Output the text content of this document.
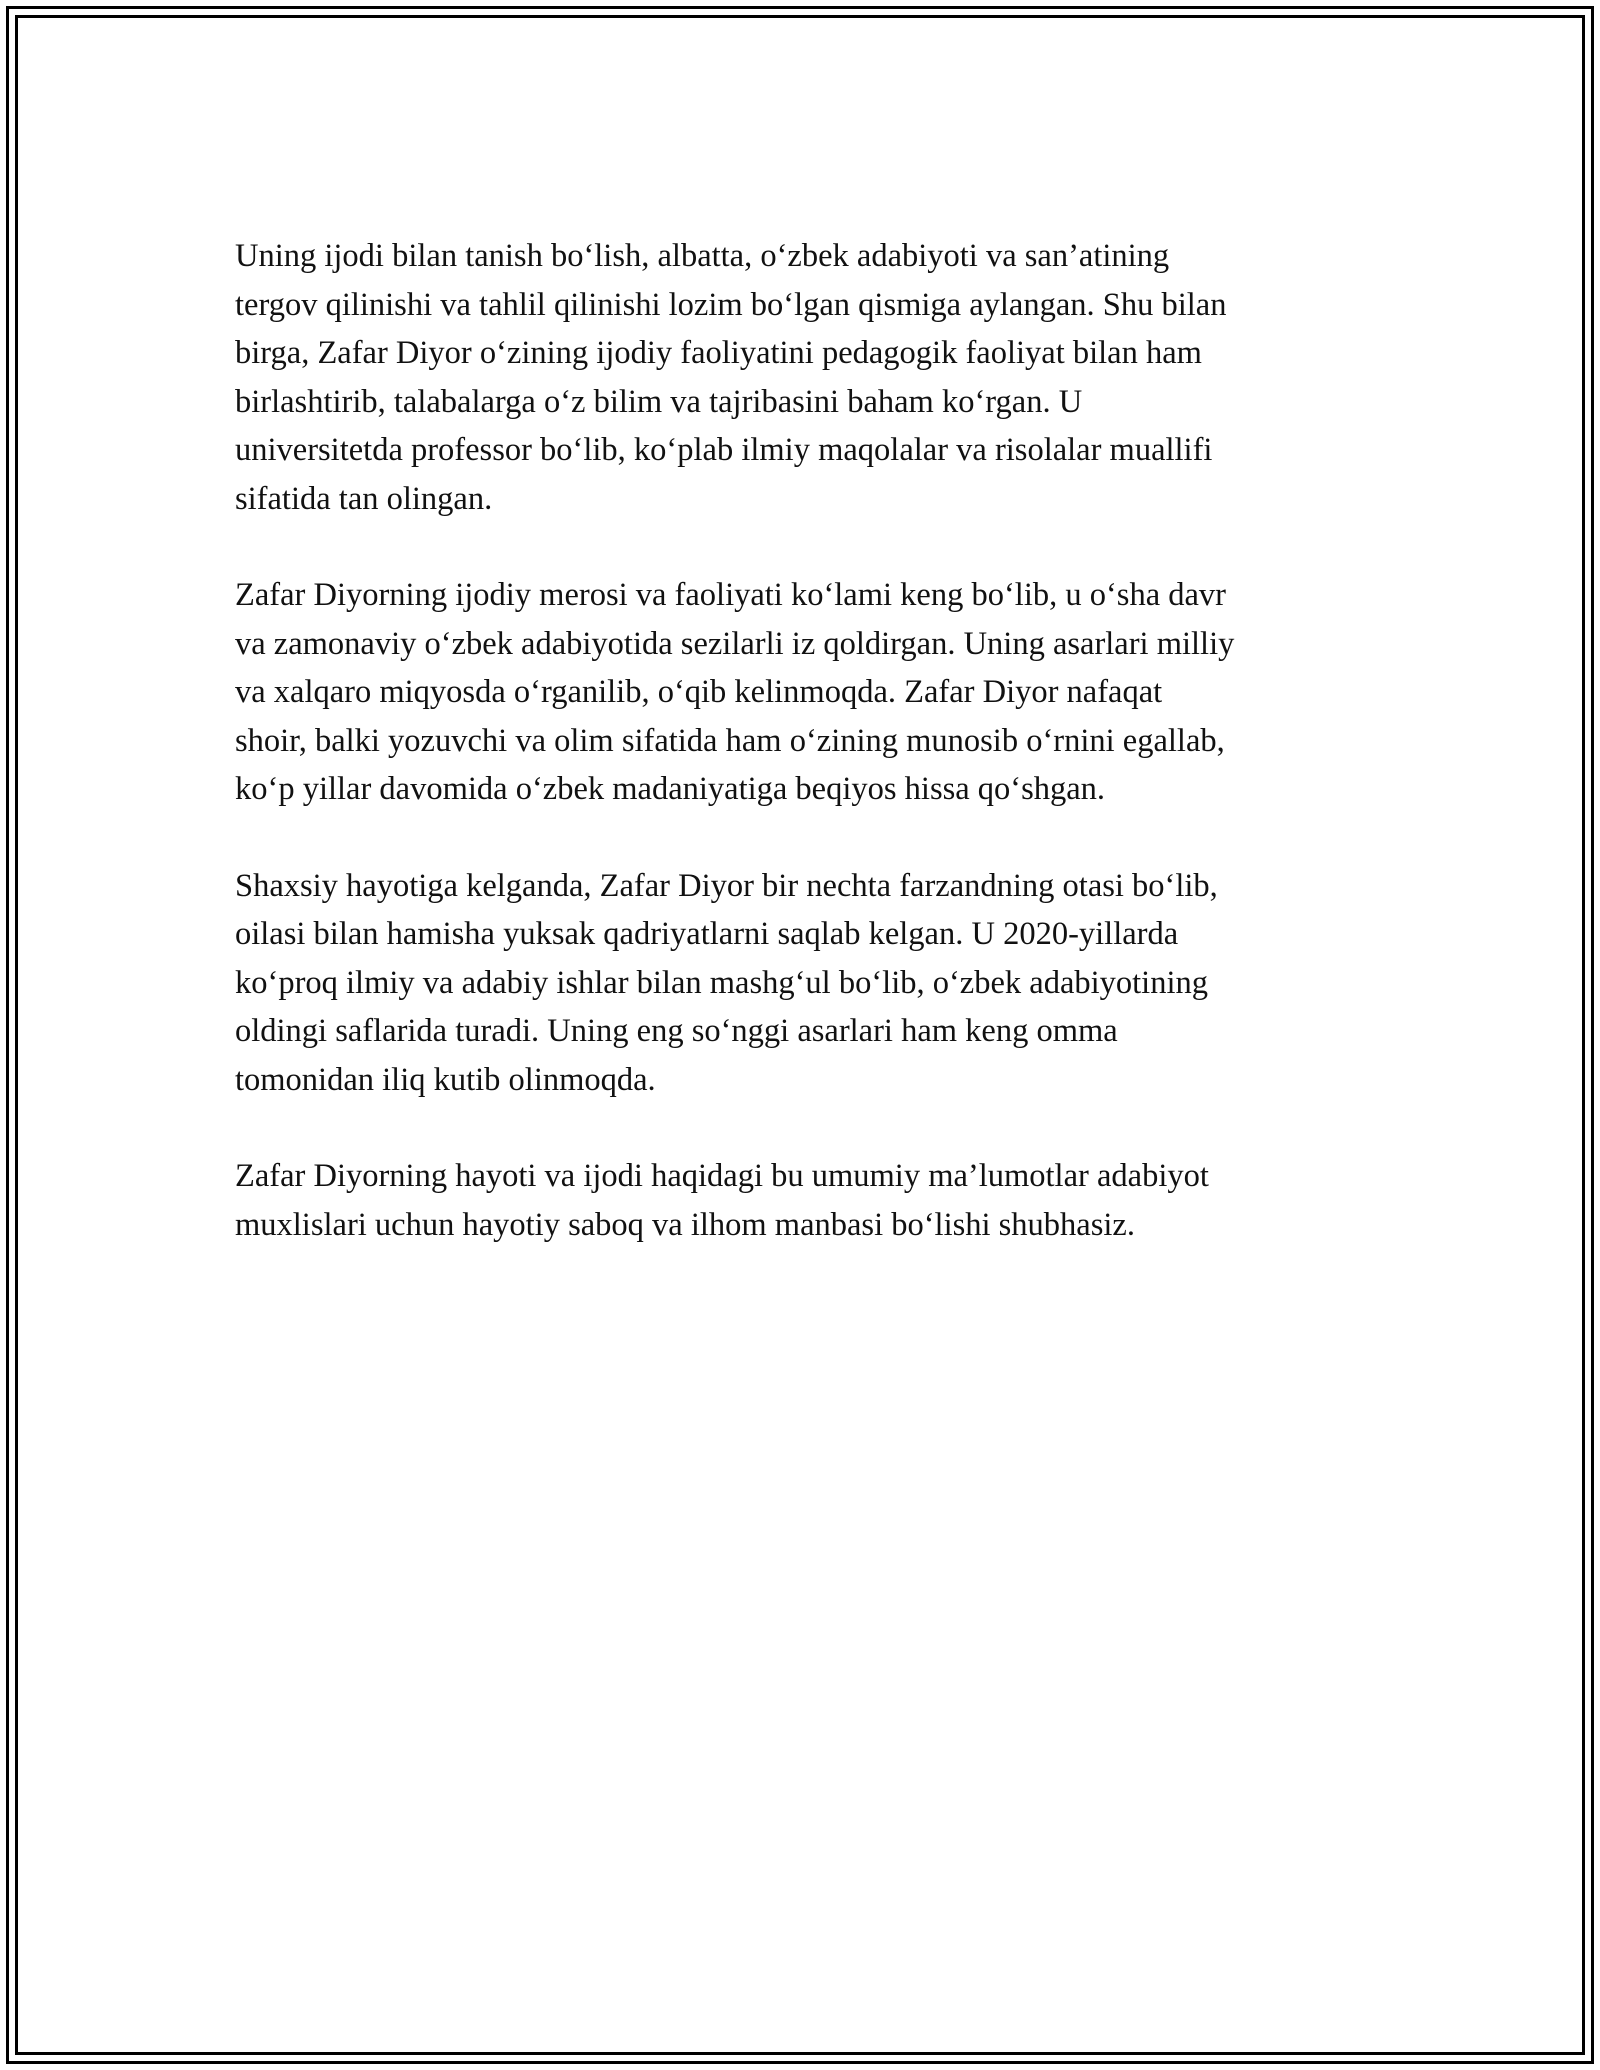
Uning ijodi bilan tanish bo‘lish, albatta, o‘zbek adabiyoti va san’atining
tergov qilinishi va tahlil qilinishi lozim bo‘lgan qismiga aylangan. Shu bilan
birga, Zafar Diyor o‘zining ijodiy faoliyatini pedagogik faoliyat bilan ham
birlashtirib, talabalarga o‘z bilim va tajribasini baham ko‘rgan. U
universitetda professor bo‘lib, ko‘plab ilmiy maqolalar va risolalar muallifi
sifatida tan olingan.

Zafar Diyorning ijodiy merosi va faoliyati ko‘lami keng bo‘lib, u o‘sha davr
va zamonaviy o‘zbek adabiyotida sezilarli iz qoldirgan. Uning asarlari milliy
va xalqaro miqyosda o‘rganilib, o‘qib kelinmoqda. Zafar Diyor nafaqat
shoir, balki yozuvchi va olim sifatida ham o‘zining munosib o‘rnini egallab,
ko‘p yillar davomida o‘zbek madaniyatiga beqiyos hissa qo‘shgan.

Shaxsiy hayotiga kelganda, Zafar Diyor bir nechta farzandning otasi bo‘lib,
oilasi bilan hamisha yuksak qadriyatlarni saqlab kelgan. U 2020-yillarda
ko‘proq ilmiy va adabiy ishlar bilan mashg‘ul bo‘lib, o‘zbek adabiyotining
oldingi saflarida turadi. Uning eng so‘nggi asarlari ham keng omma
tomonidan iliq kutib olinmoqda.

Zafar Diyorning hayoti va ijodi haqidagi bu umumiy ma’lumotlar adabiyot
muxlislari uchun hayotiy saboq va ilhom manbasi bo‘lishi shubhasiz.
